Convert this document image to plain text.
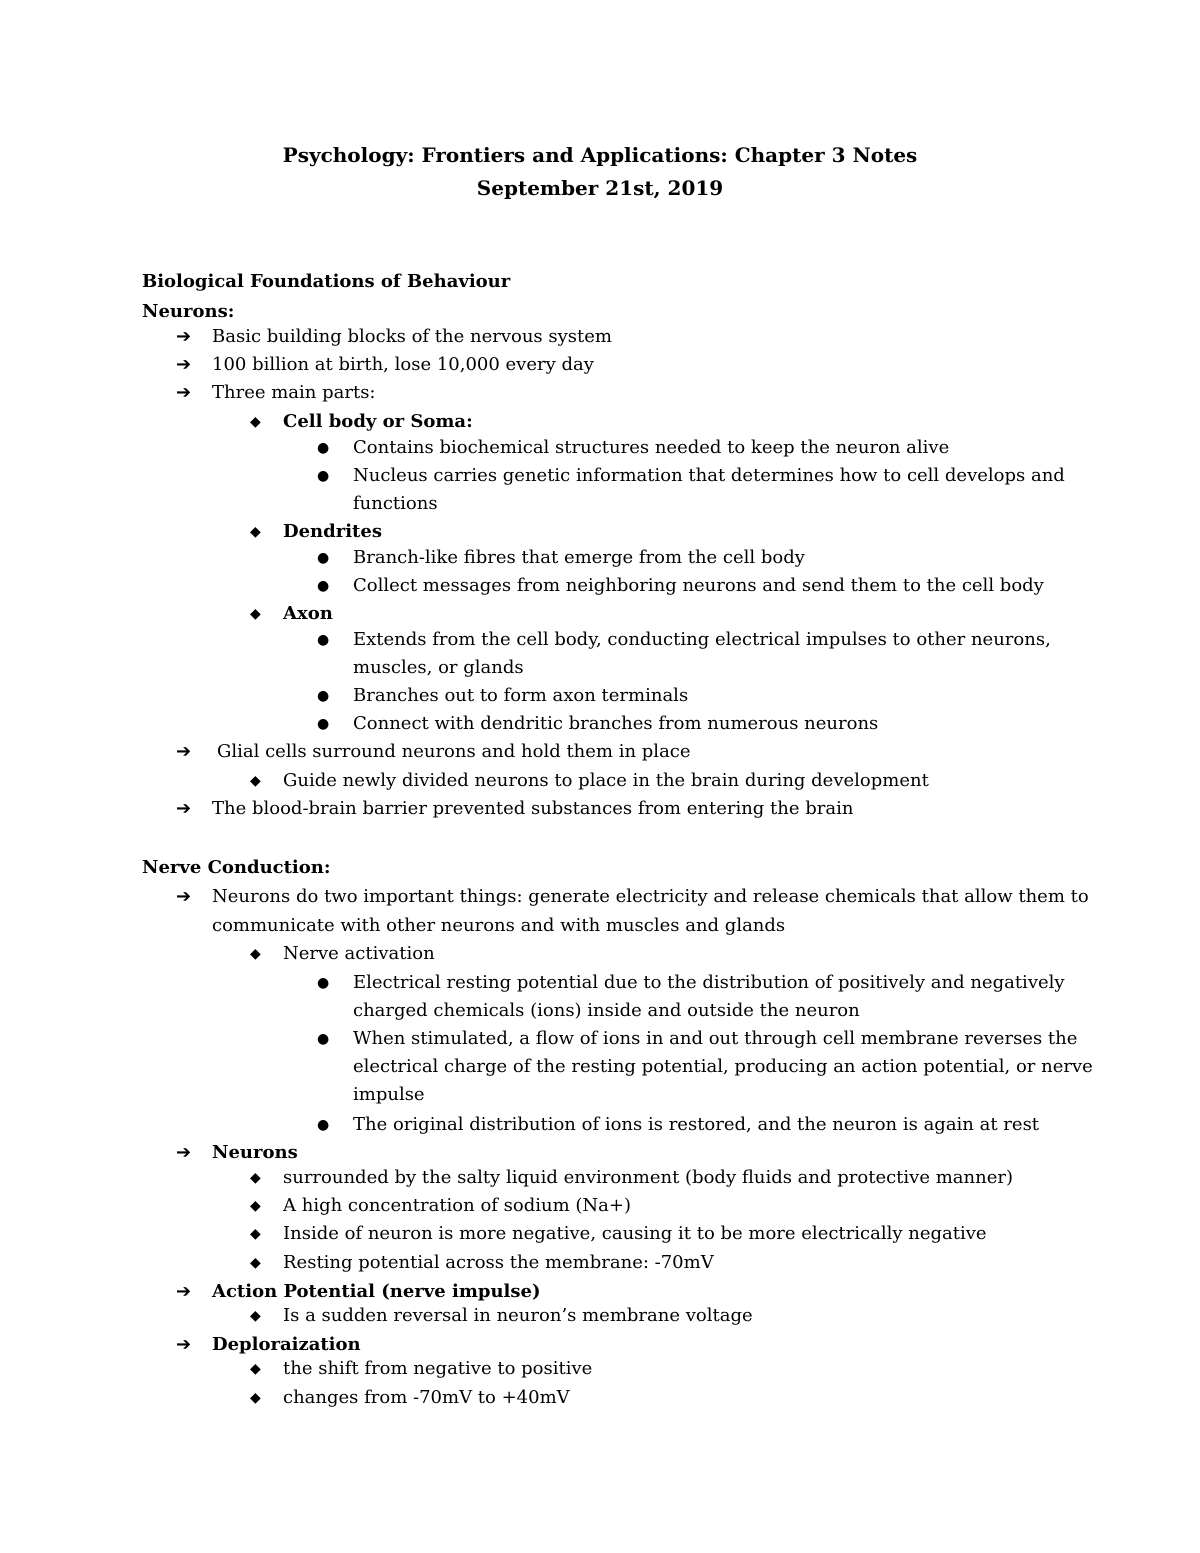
Psychology: Frontiers and Applications: Chapter 3 Notes
September 21st, 2019
Biological Foundations of Behaviour
Neurons:
Nerve Conduction:
➔ Basic building blocks of the nervous system
➔ 100 billion at birth, lose 10,000 every day
➔ Three main parts:
◆ Cell body or Soma:
● Contains biochemical structures needed to keep the neuron alive
● Nucleus carries genetic information that determines how to cell develops and
functions
◆ Dendrites
● Branch-like fibres that emerge from the cell body
● Collect messages from neighboring neurons and send them to the cell body
◆ Axon
● Extends from the cell body, conducting electrical impulses to other neurons,
muscles, or glands
● Branches out to form axon terminals
● Connect with dendritic branches from numerous neurons
➔ Glial cells surround neurons and hold them in place
◆ Guide newly divided neurons to place in the brain during development
➔ The blood-brain barrier prevented substances from entering the brain
➔ Neurons do two important things: generate electricity and release chemicals that allow them to
communicate with other neurons and with muscles and glands
◆ Nerve activation
● Electrical resting potential due to the distribution of positively and negatively
charged chemicals (ions) inside and outside the neuron
● When stimulated, a flow of ions in and out through cell membrane reverses the
electrical charge of the resting potential, producing an action potential, or nerve
impulse
● The original distribution of ions is restored, and the neuron is again at rest
➔ Neurons
◆ surrounded by the salty liquid environment (body fluids and protective manner)
◆ A high concentration of sodium (Na+)
◆ Inside of neuron is more negative, causing it to be more electrically negative
◆ Resting potential across the membrane: -70mV
➔ Action Potential (nerve impulse)
◆ Is a sudden reversal in neuron’s membrane voltage
➔ Deploraization
◆ the shift from negative to positive
◆ changes from -70mV to +40mV
